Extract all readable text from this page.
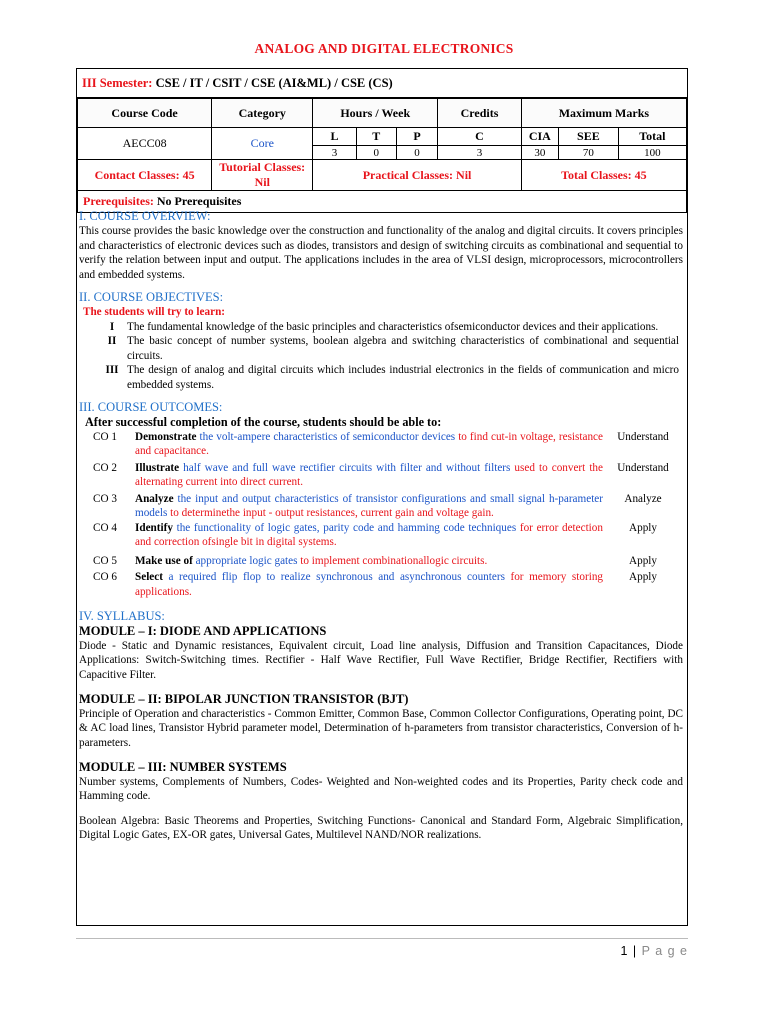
ANALOG AND DIGITAL ELECTRONICS
III Semester: CSE / IT / CSIT / CSE (AI&ML) / CSE (CS)
Course Code	Category	Hours / Week			Credits	Maximum Marks		
AECC08	Core	L	T	P	C	CIA	SEE	Total
		3	0	0	3	30	70	100
Contact Classes: 45	Tutorial Classes: Nil	Practical Classes: Nil				Total Classes: 45		
Prerequisites: No Prerequisites								

I. COURSE OVERVIEW:

This course provides the basic knowledge over the construction and functionality of the analog and digital circuits. It covers principles and characteristics of electronic devices such as diodes, transistors and design of switching circuits as combinational and sequential to verify the relation between input and output. The applications includes in the area of VLSI design, microprocessors, microcontrollers and embedded systems.

II. COURSE OBJECTIVES:

The students will try to learn:

I	The fundamental knowledge of the basic principles and characteristics ofsemiconductor devices and their applications.
II The basic concept of number systems, boolean algebra and switching characteristics of combinational and sequential circuits.
III The design of analog and digital circuits which includes industrial electronics in the fields of communication and micro embedded systems.

III. COURSE OUTCOMES:

After successful completion of the course, students should be able to:

CO 1	Demonstrate the volt-ampere characteristics of semiconductor devices to find cut-in voltage, resistance and capacitance.
Understand
CO 2	Illustrate half wave and full wave rectifier circuits with filter and without filters used to convert the alternating current into direct current.
Understand
CO 3	Analyze the input and output characteristics of transistor configurations and small signal h-parameter models to determinethe input - output resistances, current gain and voltage gain.
Analyze
CO 4	Identify the functionality of logic gates, parity code and hamming code techniques for error detection and correction ofsingle bit in digital systems.
Apply
CO 5	Make use of appropriate logic gates to implement combinationallogic circuits.	Apply
CO 6	Select a required flip flop to realize synchronous and asynchronous counters for memory storing applications.
Apply

IV. SYLLABUS:

MODULE – I: DIODE AND APPLICATIONS

Diode - Static and Dynamic resistances, Equivalent circuit, Load line analysis, Diffusion and Transition Capacitances, Diode Applications: Switch-Switching times. Rectifier - Half Wave Rectifier, Full Wave Rectifier, Bridge Rectifier, Rectifiers with Capacitive Filter.

MODULE – II: BIPOLAR JUNCTION TRANSISTOR (BJT)

Principle of Operation and characteristics - Common Emitter, Common Base, Common Collector Configurations, Operating point, DC & AC load lines, Transistor Hybrid parameter model, Determination of h-parameters from transistor characteristics, Conversion of h-parameters.

MODULE – III: NUMBER SYSTEMS

Number systems, Complements of Numbers, Codes- Weighted and Non-weighted codes and its Properties, Parity check code and Hamming code.

Boolean Algebra: Basic Theorems and Properties, Switching Functions- Canonical and Standard Form, Algebraic Simplification, Digital Logic Gates, EX-OR gates, Universal Gates, Multilevel NAND/NOR realizations.

1 | P a g e
